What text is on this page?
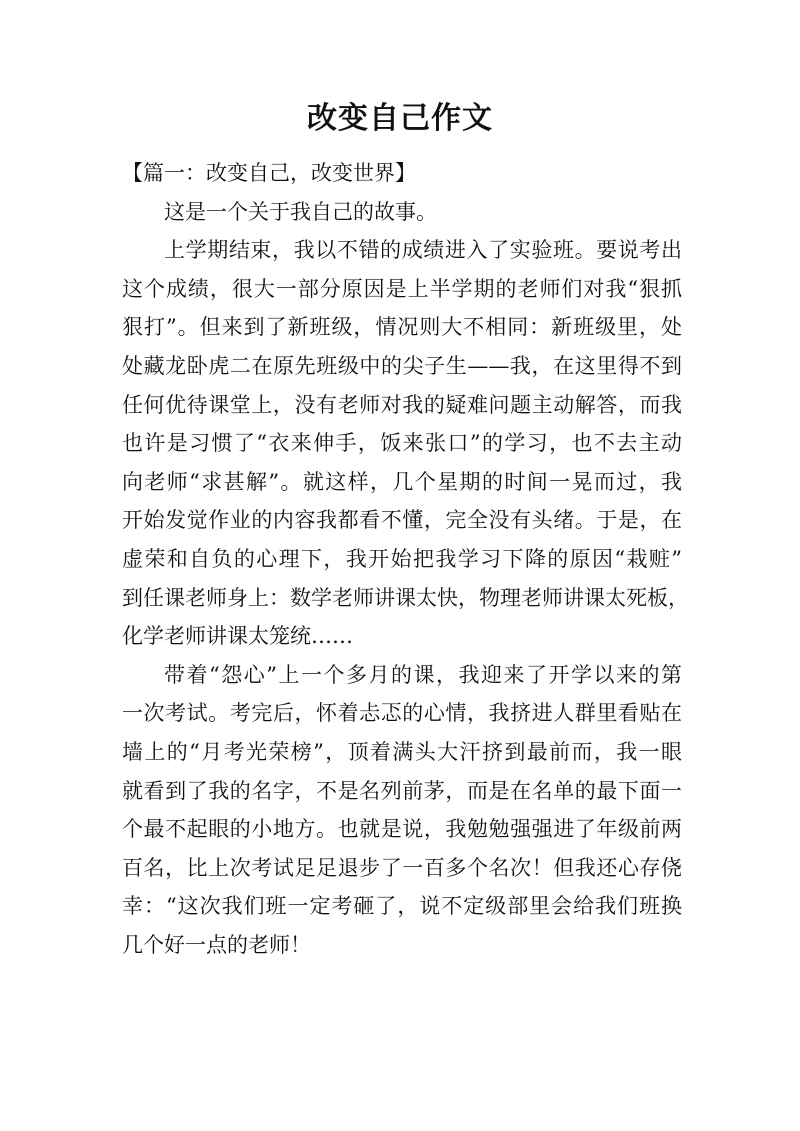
改变自己作文
【篇一：改变自己，改变世界】
这是一个关于我自己的故事。
上学期结束，我以不错的成绩进入了实验班。要说考出
这个成绩，很大一部分原因是上半学期的老师们对我“狠抓
狠打”。但来到了新班级，情况则大不相同：新班级里，处
处藏龙卧虎二在原先班级中的尖子生——我，在这里得不到
任何优待课堂上，没有老师对我的疑难问题主动解答，而我
也许是习惯了“衣来伸手，饭来张口”的学习，也不去主动
向老师“求甚解”。就这样，几个星期的时间一晃而过，我
开始发觉作业的内容我都看不懂，完全没有头绪。于是，在
虚荣和自负的心理下，我开始把我学习下降的原因“栽赃”
到任课老师身上：数学老师讲课太快，物理老师讲课太死板，
化学老师讲课太笼统……
带着“怨心”上一个多月的课，我迎来了开学以来的第
一次考试。考完后，怀着忐忑的心情，我挤进人群里看贴在
墙上的“月考光荣榜”，顶着满头大汗挤到最前而，我一眼
就看到了我的名字，不是名列前茅，而是在名单的最下面一
个最不起眼的小地方。也就是说，我勉勉强强进了年级前两
百名，比上次考试足足退步了一百多个名次！但我还心存侥
幸：“这次我们班一定考砸了，说不定级部里会给我们班换
几个好一点的老师！
